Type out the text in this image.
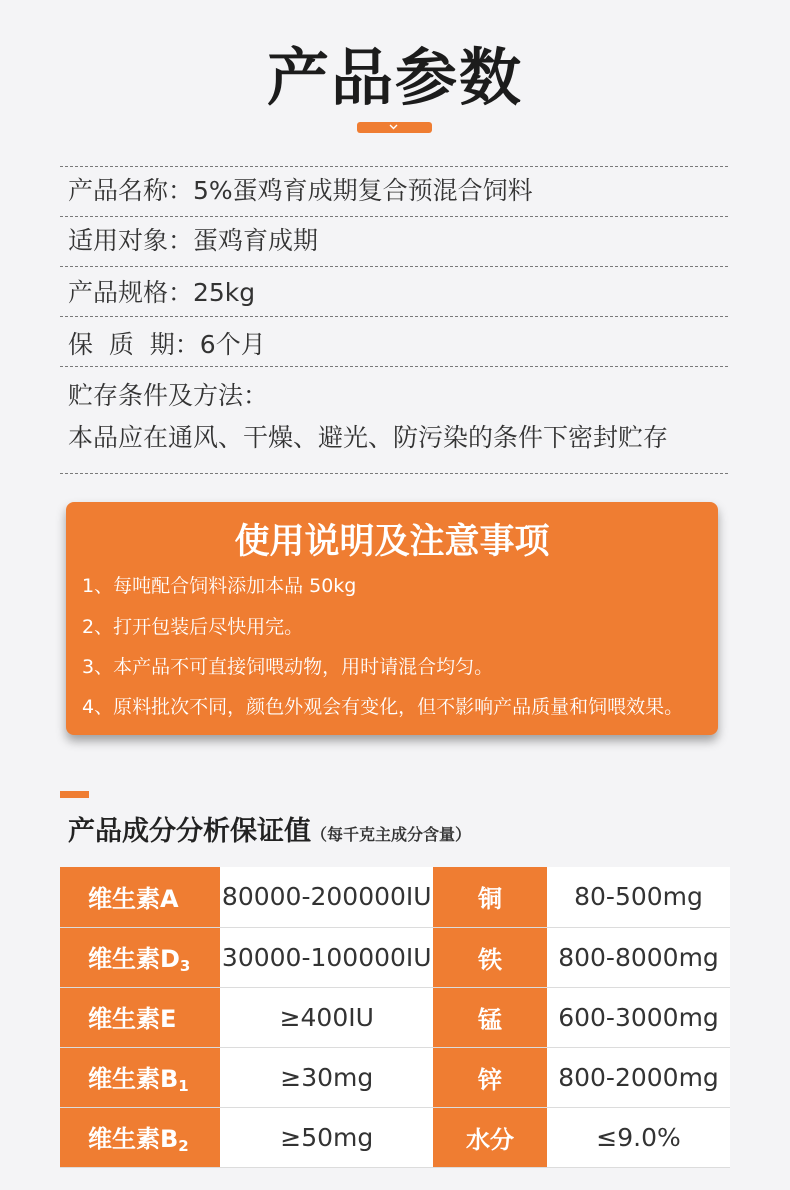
产品参数
产品名称：5%蛋鸡育成期复合预混合饲料
适用对象：蛋鸡育成期
产品规格：25kg
保  质  期：6个月
贮存条件及方法：
本品应在通风、干燥、避光、防污染的条件下密封贮存
使用说明及注意事项
1、每吨配合饲料添加本品 50kg
2、打开包装后尽快用完。
3、本产品不可直接饲喂动物，用时请混合均匀。
4、原料批次不同，颜色外观会有变化，但不影响产品质量和饲喂效果。
产品成分分析保证值（每千克主成分含量）
维生素A	80000-200000IU	铜	80-500mg
维生素$D_3$	30000-100000IU	铁	800-8000mg
维生素E	≥400IU	锰	600-3000mg
维生素$B_1$	≥30mg	锌	800-2000mg
维生素$B_2$	≥50mg	水分	≤9.0%
